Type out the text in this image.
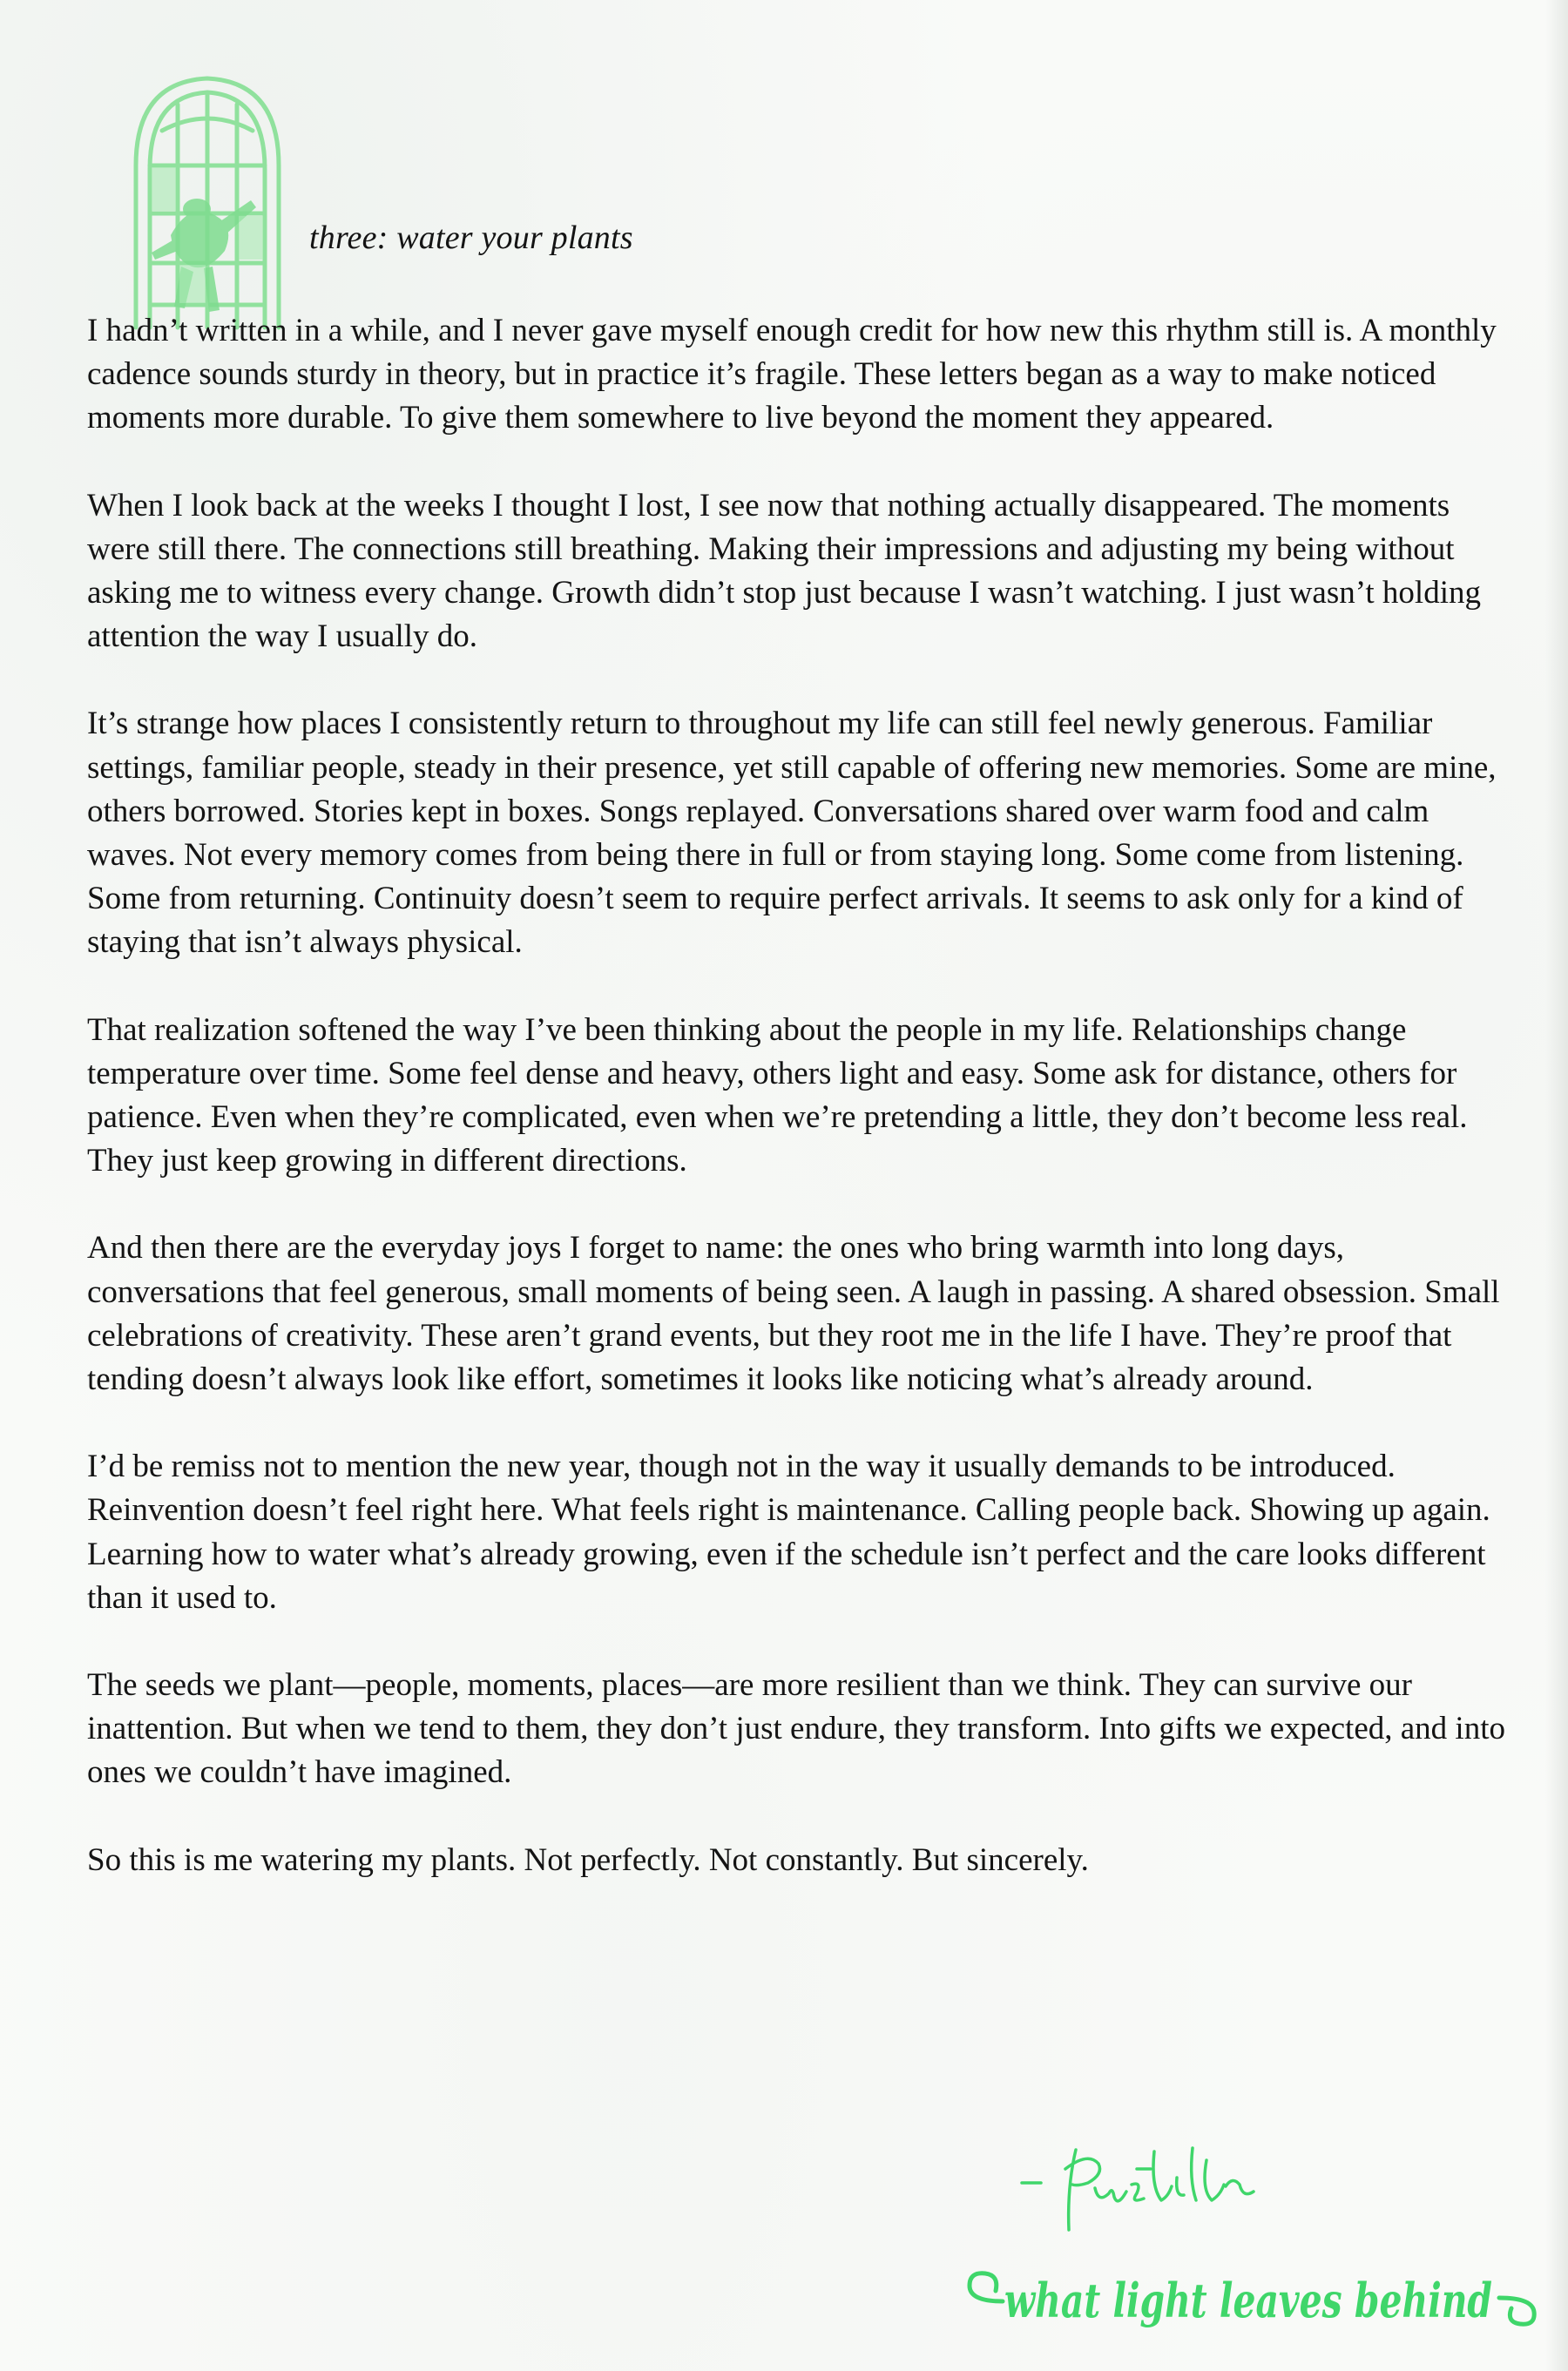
three: water your plants

I hadn’t written in a while, and I never gave myself enough credit for how new this rhythm still is. A monthly cadence sounds sturdy in theory, but in practice it’s fragile. These letters began as a way to make noticed moments more durable. To give them somewhere to live beyond the moment they appeared.

When I look back at the weeks I thought I lost, I see now that nothing actually disappeared. The moments were still there. The connections still breathing. Making their impressions and adjusting my being without asking me to witness every change. Growth didn’t stop just because I wasn’t watching. I just wasn’t holding attention the way I usually do.

It’s strange how places I consistently return to throughout my life can still feel newly generous. Familiar settings, familiar people, steady in their presence, yet still capable of offering new memories. Some are mine, others borrowed. Stories kept in boxes. Songs replayed. Conversations shared over warm food and calm waves. Not every memory comes from being there in full or from staying long. Some come from listening. Some from returning. Continuity doesn’t seem to require perfect arrivals. It seems to ask only for a kind of staying that isn’t always physical.

That realization softened the way I’ve been thinking about the people in my life. Relationships change temperature over time. Some feel dense and heavy, others light and easy. Some ask for distance, others for patience. Even when they’re complicated, even when we’re pretending a little, they don’t become less real. They just keep growing in different directions.

And then there are the everyday joys I forget to name: the ones who bring warmth into long days, conversations that feel generous, small moments of being seen. A laugh in passing. A shared obsession. Small celebrations of creativity. These aren’t grand events, but they root me in the life I have. They’re proof that tending doesn’t always look like effort, sometimes it looks like noticing what’s already around.

I’d be remiss not to mention the new year, though not in the way it usually demands to be introduced. Reinvention doesn’t feel right here. What feels right is maintenance. Calling people back. Showing up again. Learning how to water what’s already growing, even if the schedule isn’t perfect and the care looks different than it used to.

The seeds we plant—people, moments, places—are more resilient than we think. They can survive our inattention. But when we tend to them, they don’t just endure, they transform. Into gifts we expected, and into ones we couldn’t have imagined.

So this is me watering my plants. Not perfectly. Not constantly. But sincerely.

what light leaves behind
